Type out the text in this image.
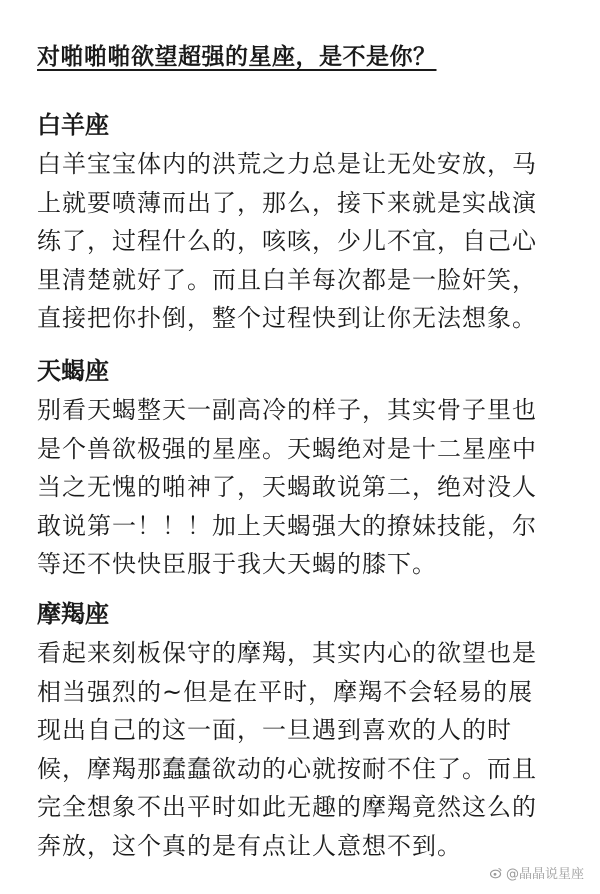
对啪啪啪欲望超强的星座，是不是你？
白羊座
白羊宝宝体内的洪荒之力总是让无处安放，马
上就要喷薄而出了，那么，接下来就是实战演
练了，过程什么的，咳咳，少儿不宜，自己心
里清楚就好了。而且白羊每次都是一脸奸笑，
直接把你扑倒，整个过程快到让你无法想象。
天蝎座
别看天蝎整天一副高冷的样子，其实骨子里也
是个兽欲极强的星座。天蝎绝对是十二星座中
当之无愧的啪神了，天蝎敢说第二，绝对没人
敢说第一！！！加上天蝎强大的撩妹技能，尔
等还不快快臣服于我大天蝎的膝下。
摩羯座
看起来刻板保守的摩羯，其实内心的欲望也是
相当强烈的~但是在平时，摩羯不会轻易的展
现出自己的这一面，一旦遇到喜欢的人的时
候，摩羯那蠢蠢欲动的心就按耐不住了。而且
完全想象不出平时如此无趣的摩羯竟然这么的
奔放，这个真的是有点让人意想不到。
@晶晶说星座
